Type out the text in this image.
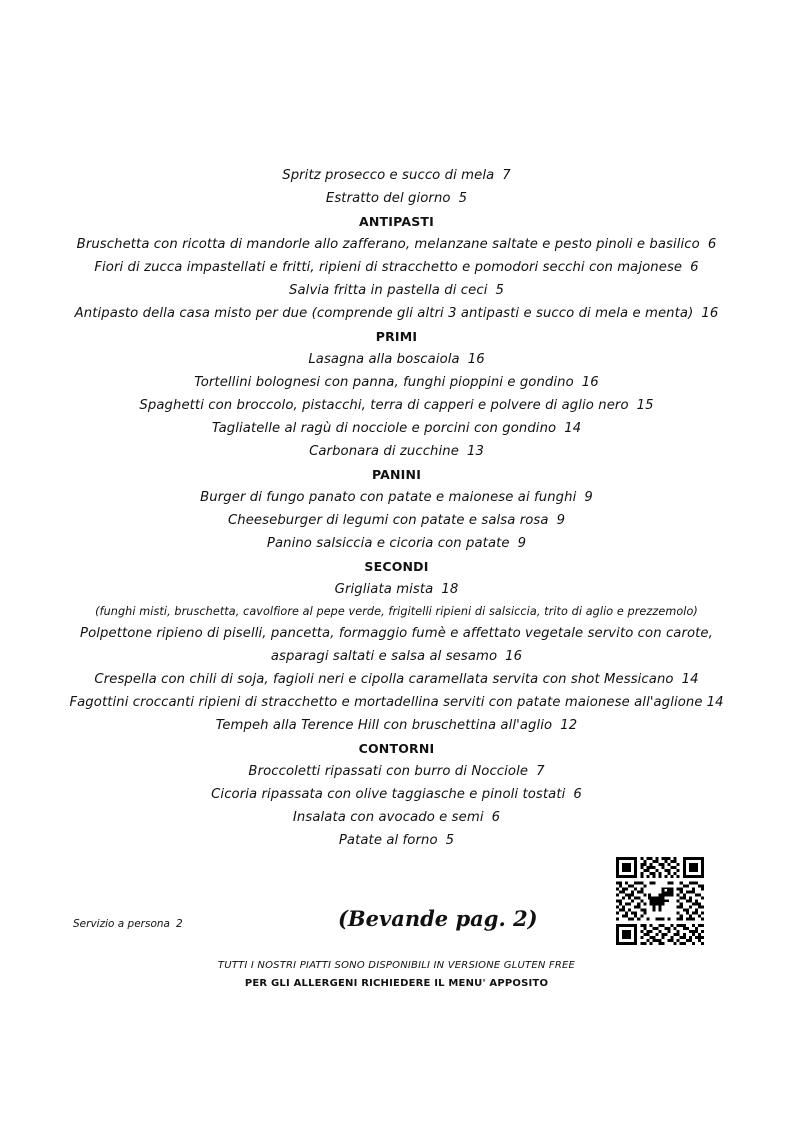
Spritz prosecco e succo di mela 7
Estratto del giorno 5
ANTIPASTI
Bruschetta con ricotta di mandorle allo zafferano, melanzane saltate e pesto pinoli e basilico 6
Fiori di zucca impastellati e fritti, ripieni di stracchetto e pomodori secchi con majonese 6
Salvia fritta in pastella di ceci 5
Antipasto della casa misto per due (comprende gli altri 3 antipasti e succo di mela e menta) 16
PRIMI
Lasagna alla boscaiola 16
Tortellini bolognesi con panna, funghi pioppini e gondino 16
Spaghetti con broccolo, pistacchi, terra di capperi e polvere di aglio nero 15
Tagliatelle al ragù di nocciole e porcini con gondino 14
Carbonara di zucchine 13
PANINI
Burger di fungo panato con patate e maionese ai funghi 9
Cheeseburger di legumi con patate e salsa rosa 9
Panino salsiccia e cicoria con patate 9
SECONDI
Grigliata mista 18
(funghi misti, bruschetta, cavolfiore al pepe verde, frigitelli ripieni di salsiccia, trito di aglio e prezzemolo)
Polpettone ripieno di piselli, pancetta, formaggio fumè e affettato vegetale servito con carote,
asparagi saltati e salsa al sesamo 16
Crespella con chili di soja, fagioli neri e cipolla caramellata servita con shot Messicano 14
Fagottini croccanti ripieni di stracchetto e mortadellina serviti con patate maionese all'aglione 14
Tempeh alla Terence Hill con bruschettina all'aglio 12
CONTORNI
Broccoletti ripassati con burro di Nocciole 7
Cicoria ripassata con olive taggiasche e pinoli tostati 6
Insalata con avocado e semi 6
Patate al forno 5
Servizio a persona 2	(Bevande pag. 2)
TUTTI I NOSTRI PIATTI SONO DISPONIBILI IN VERSIONE GLUTEN FREE
PER GLI ALLERGENI RICHIEDERE IL MENU' APPOSITO
